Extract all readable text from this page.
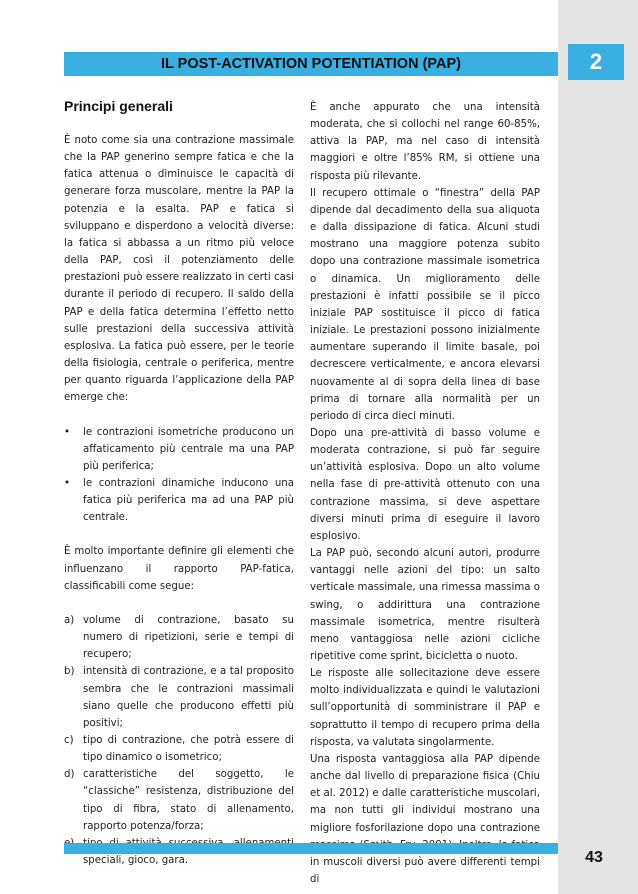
IL POST-ACTIVATION POTENTIATION (PAP)	2
Principi generali

È noto come sia una contrazione massimale che la PAP generino sempre fatica e che la fatica attenua o diminuisce le capacità di generare forza muscolare, mentre la PAP la potenzia e la esalta. PAP e fatica si sviluppano e disperdono a velocità diverse: la fatica si abbassa a un ritmo più veloce della PAP, così il potenziamento delle prestazioni può essere realizzato in certi casi durante il periodo di recupero. Il saldo della PAP e della fatica determina l’effetto netto sulle prestazioni della successiva attività esplosiva. La fatica può essere, per le teorie della fisiologia, centrale o periferica, mentre per quanto riguarda l’applicazione della PAP emerge che:

•	le contrazioni isometriche producono un affaticamento più centrale ma una PAP più periferica;
•	le contrazioni dinamiche inducono una fatica più periferica ma ad una PAP più centrale.

È molto importante definire gli elementi che influenzano il rapporto PAP-fatica, classificabili come segue:

a) volume di contrazione, basato su numero di ripetizioni, serie e tempi di recupero;
b) intensità di contrazione, e a tal proposito sembra che le contrazioni massimali siano quelle che producono effetti più positivi;
c) tipo di contrazione, che potrà essere di tipo dinamico o isometrico;
d) caratteristiche del soggetto, le “classiche” resistenza, distribuzione del tipo di fibra, stato di allenamento, rapporto potenza/forza;
speciali, gioco, gara.

È anche appurato che una intensità moderata, che si collochi nel range 60-85%, attiva la PAP, ma nel caso di intensità maggiori e oltre l’85% RM, si ottiene una risposta più rilevante.

Il recupero ottimale o “finestra” della PAP dipende dal decadimento della sua aliquota e dalla dissipazione di fatica. Alcuni studi mostrano una maggiore potenza subito dopo una contrazione massimale isometrica o dinamica. Un miglioramento delle prestazioni è infatti possibile se il picco iniziale PAP sostituisce il picco di fatica iniziale. Le prestazioni possono inizialmente aumentare superando il limite basale, poi decrescere verticalmente, e ancora elevarsi nuovamente al di sopra della linea di base prima di tornare alla normalità per un periodo di circa dieci minuti.

Dopo una pre-attività di basso volume e moderata contrazione, si può far seguire un’attività esplosiva. Dopo un alto volume nella fase di pre-attività ottenuto con una contrazione massima, si deve aspettare diversi minuti prima di eseguire il lavoro esplosivo.

La PAP può, secondo alcuni autori, produrre vantaggi nelle azioni del tipo: un salto verticale massimale, una rimessa massima o swing, o addirittura una contrazione massimale isometrica, mentre risulterà meno vantaggiosa nelle azioni cicliche ripetitive come sprint, bicicletta o nuoto.

Le risposte alle sollecitazione deve essere molto individualizzata e quindi le valutazioni sull’opportunità di somministrare il PAP e soprattutto il tempo di recupero prima della risposta, va valutata singolarmente.

Una risposta vantaggiosa alla PAP dipende anche dal livello di preparazione fisica (Chiu et al. 2012) e dalle caratteristiche muscolari, ma non tutti gli individui mostrano una migliore fosforilazione dopo una contrazione in muscoli diversi può avere differenti tempi di

43
